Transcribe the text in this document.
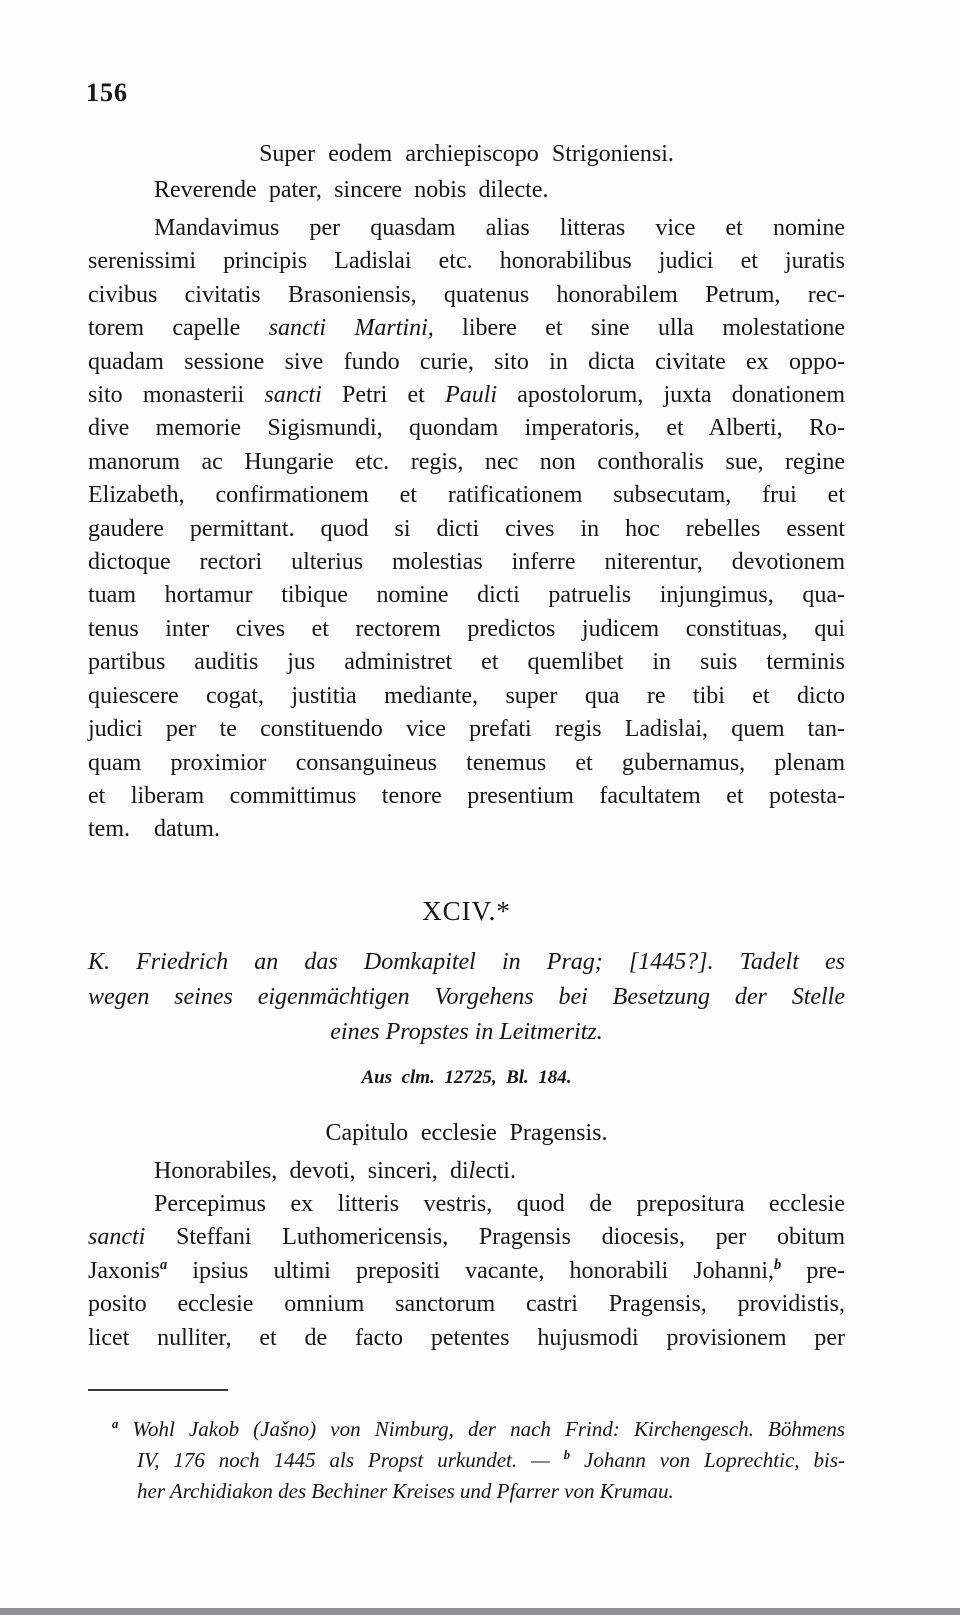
156
Super eodem archiepiscopo Strigoniensi.
Reverende pater, sincere nobis dilecte.
Mandavimus per quasdam alias litteras vice et nomine
serenissimi principis Ladislai etc. honorabilibus judici et juratis
civibus civitatis Brasoniensis, quatenus honorabilem Petrum, rec-
torem capelle sancti Martini, libere et sine ulla molestatione
quadam sessione sive fundo curie, sito in dicta civitate ex oppo-
sito monasterii sancti Petri et Pauli apostolorum, juxta donationem
dive memorie Sigismundi, quondam imperatoris, et Alberti, Ro-
manorum ac Hungarie etc. regis, nec non conthoralis sue, regine
Elizabeth, confirmationem et ratificationem subsecutam, frui et
gaudere permittant. quod si dicti cives in hoc rebelles essent
dictoque rectori ulterius molestias inferre niterentur, devotionem
tuam hortamur tibique nomine dicti patruelis injungimus, qua-
tenus inter cives et rectorem predictos judicem constituas, qui
partibus auditis jus administret et quemlibet in suis terminis
quiescere cogat, justitia mediante, super qua re tibi et dicto
judici per te constituendo vice prefati regis Ladislai, quem tan-
quam proximior consanguineus tenemus et gubernamus, plenam
et liberam committimus tenore presentium facultatem et potesta-
tem. datum.
XCIV.*
K. Friedrich an das Domkapitel in Prag; [1445?]. Tadelt es
wegen seines eigenmächtigen Vorgehens bei Besetzung der Stelle
eines Propstes in Leitmeritz.
Aus clm. 12725, Bl. 184.
Capitulo ecclesie Pragensis.
Honorabiles, devoti, sinceri, dilecti.
Percepimus ex litteris vestris, quod de prepositura ecclesie
sancti Steffani Luthomericensis, Pragensis diocesis, per obitum
Jaxonis$^a$ ipsius ultimi prepositi vacante, honorabili Johanni,$^b$ pre-
posito ecclesie omnium sanctorum castri Pragensis, providistis,
licet nulliter, et de facto petentes hujusmodi provisionem per
$^a$ Wohl Jakob (Jašno) von Nimburg, der nach Frind: Kirchengesch. Böhmens
IV, 176 noch 1445 als Propst urkundet. — $^b$ Johann von Loprechtic, bis-
her Archidiakon des Bechiner Kreises und Pfarrer von Krumau.
